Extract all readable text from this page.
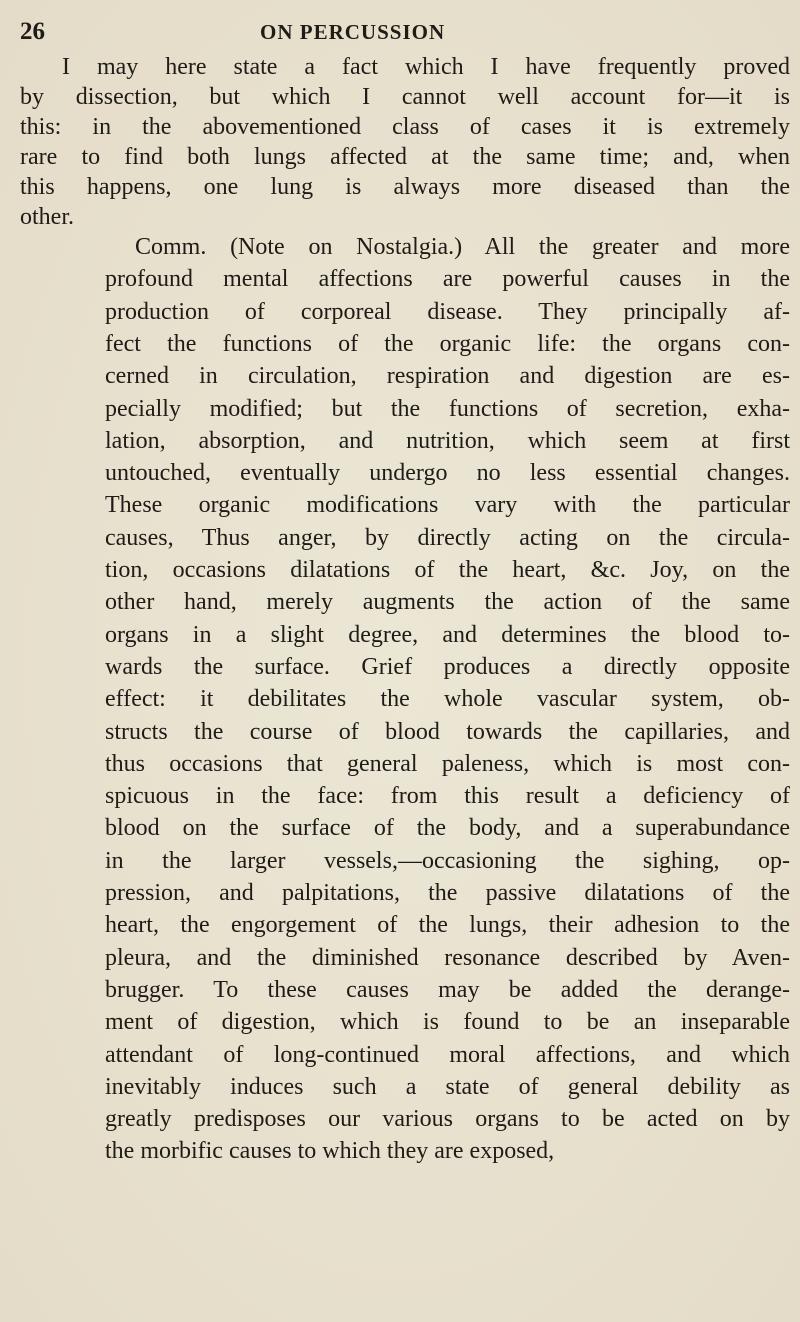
26	ON PERCUSSION
I may here state a fact which I have frequently proved
by dissection, but which I cannot well account for—it is
this: in the abovementioned class of cases it is extremely
rare to find both lungs affected at the same time; and, when
this happens, one lung is always more diseased than the
other.
Comm. (Note on Nostalgia.) All the greater and more
profound mental affections are powerful causes in the
production of corporeal disease. They principally af-
fect the functions of the organic life: the organs con-
cerned in circulation, respiration and digestion are es-
pecially modified; but the functions of secretion, exha-
lation, absorption, and nutrition, which seem at first
untouched, eventually undergo no less essential changes.
These organic modifications vary with the particular
causes, Thus anger, by directly acting on the circula-
tion, occasions dilatations of the heart, &c. Joy, on the
other hand, merely augments the action of the same
organs in a slight degree, and determines the blood to-
wards the surface. Grief produces a directly opposite
effect: it debilitates the whole vascular system, ob-
structs the course of blood towards the capillaries, and
thus occasions that general paleness, which is most con-
spicuous in the face: from this result a deficiency of
blood on the surface of the body, and a superabundance
in the larger vessels,—occasioning the sighing, op-
pression, and palpitations, the passive dilatations of the
heart, the engorgement of the lungs, their adhesion to the
pleura, and the diminished resonance described by Aven-
brugger. To these causes may be added the derange-
ment of digestion, which is found to be an inseparable
attendant of long-continued moral affections, and which
inevitably induces such a state of general debility as
greatly predisposes our various organs to be acted on by
the morbific causes to which they are exposed,
